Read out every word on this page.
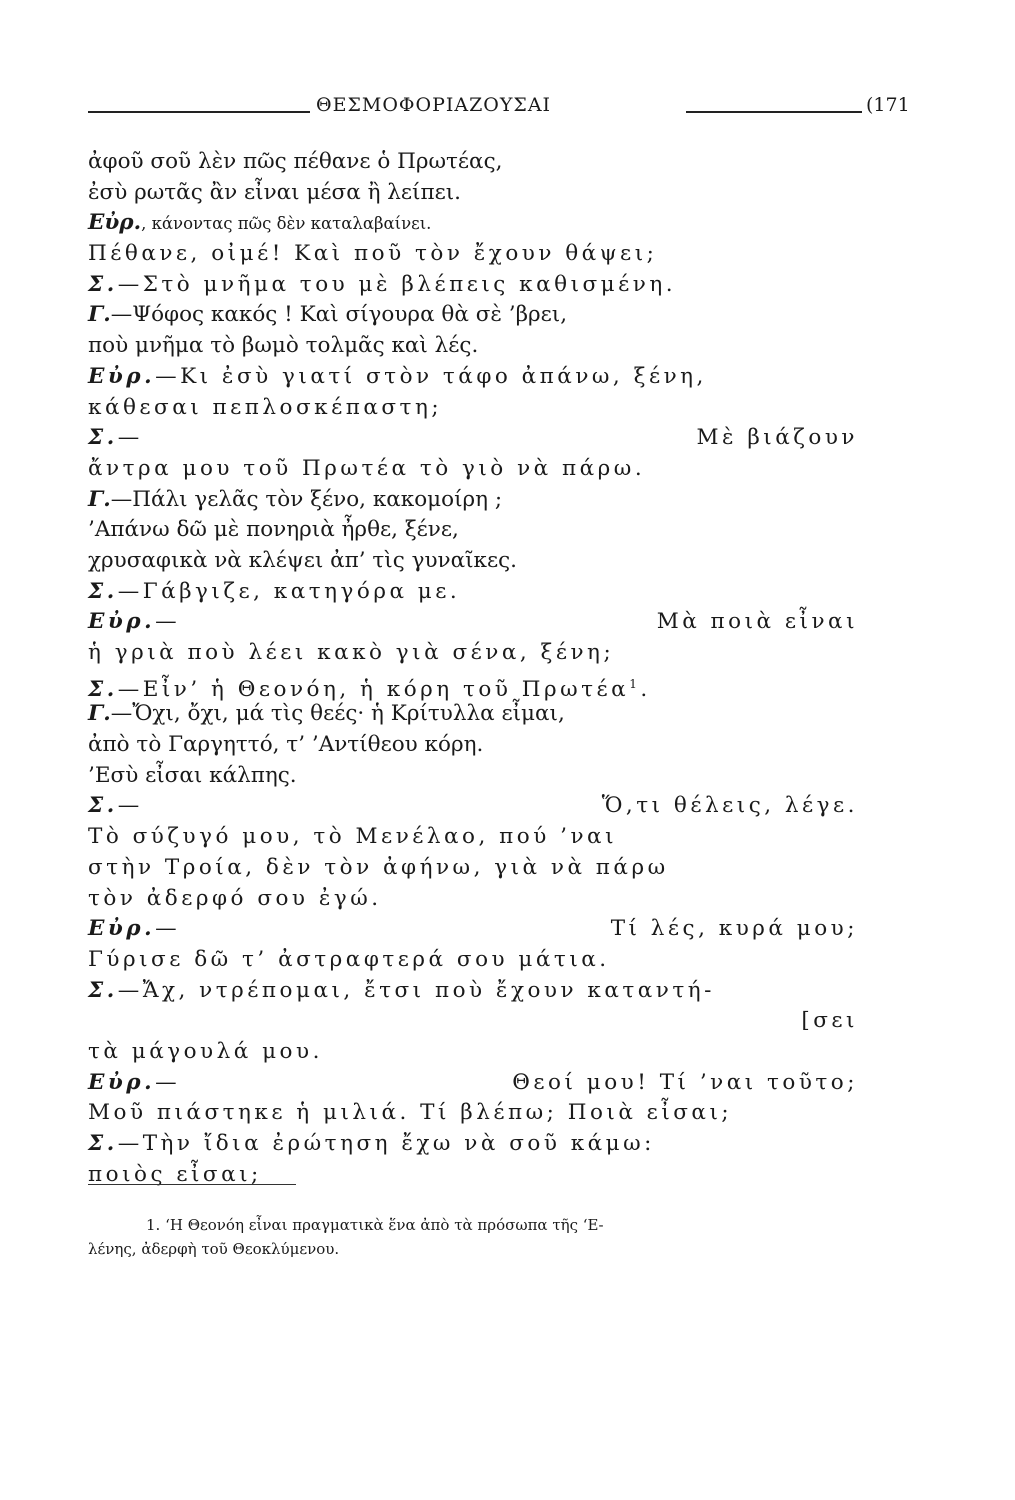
ΘΕΣΜΟΦΟΡΙΑΖΟΥΣΑΙ	(171
ἀφοῦ σοῦ λὲν πῶς πέθανε ὁ Πρωτέας,
ἐσὺ ρωτᾶς ἂν εἶναι μέσα ἢ λείπει.
Εὐρ., κάνοντας πῶς δὲν καταλαβαίνει.
Πέθανε, οἰμέ! Καὶ ποῦ τὸν ἔχουν θάψει;
Σ.—Στὸ μνῆμα του μὲ βλέπεις καθισμένη.
Γ.—Ψόφος κακός ! Καὶ σίγουρα θὰ σὲ ’βρει,
ποὺ μνῆμα τὸ βωμὸ τολμᾶς καὶ λές.
Εὐρ.—Κι ἐσὺ γιατί στὸν τάφο ἀπάνω, ξένη,
κάθεσαι πεπλοσκέπαστη;
Σ.—	Μὲ βιάζουν
ἄντρα μου τοῦ Πρωτέα τὸ γιὸ νὰ πάρω.
Γ.—Πάλι γελᾶς τὸν ξένο, κακομοίρη ;
’Απάνω δῶ μὲ πονηριὰ ἦρθε, ξένε,
χρυσαφικὰ νὰ κλέψει ἀπ’ τὶς γυναῖκες.
Σ.—Γάβγιζε, κατηγόρα με.
Εὐρ.—	Μὰ ποιὰ εἶναι
ἡ γριὰ ποὺ λέει κακὸ γιὰ σένα, ξένη;
Σ.—Εἶν’ ἡ Θεονόη, ἡ κόρη τοῦ Πρωτέα$^1$.
Γ.—Ὄχι, ὄχι, μά τὶς θεές· ἡ Κρίτυλλα εἶμαι,
ἀπὸ τὸ Γαργηττό, τ’ ’Αντίθεου κόρη.
’Εσὺ εἶσαι κάλπης.
Σ.—	Ὅ,τι θέλεις, λέγε.
Τὸ σύζυγό μου, τὸ Μενέλαο, πού ’ναι
στὴν Τροία, δὲν τὸν ἀφήνω, γιὰ νὰ πάρω
τὸν ἀδερφό σου ἐγώ.
Εὐρ.—	Τί λές, κυρά μου;
Γύρισε δῶ τ’ ἀστραφτερά σου μάτια.
Σ.—Ἄχ, ντρέπομαι, ἔτσι ποὺ ἔχουν καταντή-
[σει
τὰ μάγουλά μου.
Εὐρ.—	Θεοί μου! Τί ’ναι τοῦτο;
Μοῦ πιάστηκε ἡ μιλιά. Τί βλέπω; Ποιὰ εἶσαι;
Σ.—Τὴν ἴδια ἐρώτηση ἔχω νὰ σοῦ κάμω:
ποιὸς εἶσαι;
1. ‘Η Θεονόη εἶναι πραγματικὰ ἕνα ἀπὸ τὰ πρόσωπα τῆς ‘Ε-
λένης, ἀδερφὴ τοῦ Θεοκλύμενου.
